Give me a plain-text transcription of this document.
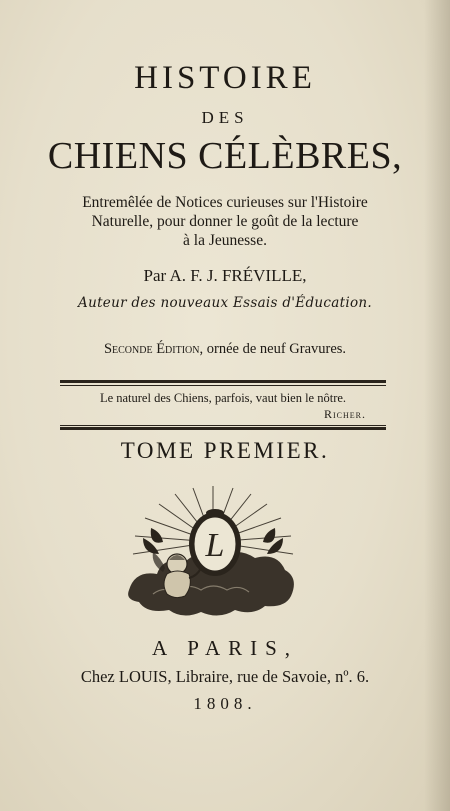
HISTOIRE
DES
CHIENS CÉLÈBRES,
Entremêlée de Notices curieuses sur l'Histoire
Naturelle, pour donner le goût de la lecture
à la Jeunesse.
Par A. F. J. FRÉVILLE,
Auteur des nouveaux Essais d'Éducation.
Seconde Édition, ornée de neuf Gravures.
Le naturel des Chiens, parfois, vaut bien le nôtre.
Richer.
TOME PREMIER.
L
A PARIS,
Chez LOUIS, Libraire, rue de Savoie, nº. 6.
1808.
